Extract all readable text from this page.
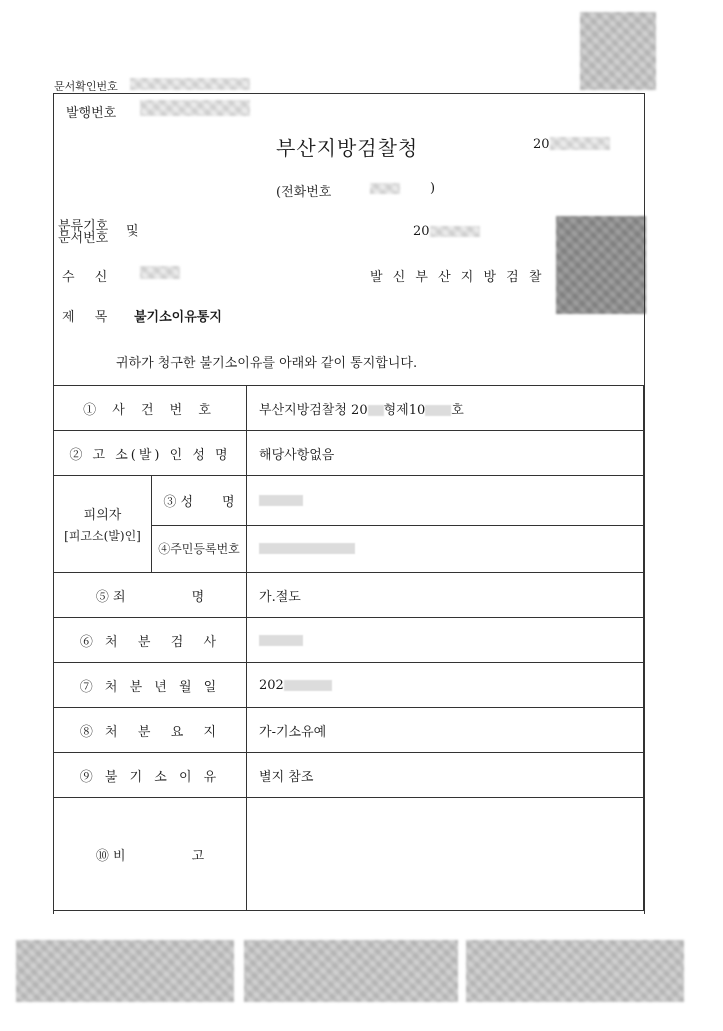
문서확인번호
발행번호
부산지방검찰청	20
(전화번호	)
분류기호
문서번호 및	20
수 신	발 신 부 산 지 방 검 찰
제 목 불기소이유통지
귀하가 청구한 불기소이유를 아래와 같이 통지합니다.
① 사 건 번 호		부산지방검찰청 20 형제10 호
② 고 소(발) 인 성 명		해당사항없음

피의자
[피고소(발)인]	③ 성       명	
	④주민등록번호	
⑤ 죄                명		가.절도
⑥ 처  분  검  사		
⑦ 처 분 년 월 일		202
⑧ 처  분  요  지		가-기소유예
⑨ 불 기 소 이 유		별지 참조
⑩ 비                고		
